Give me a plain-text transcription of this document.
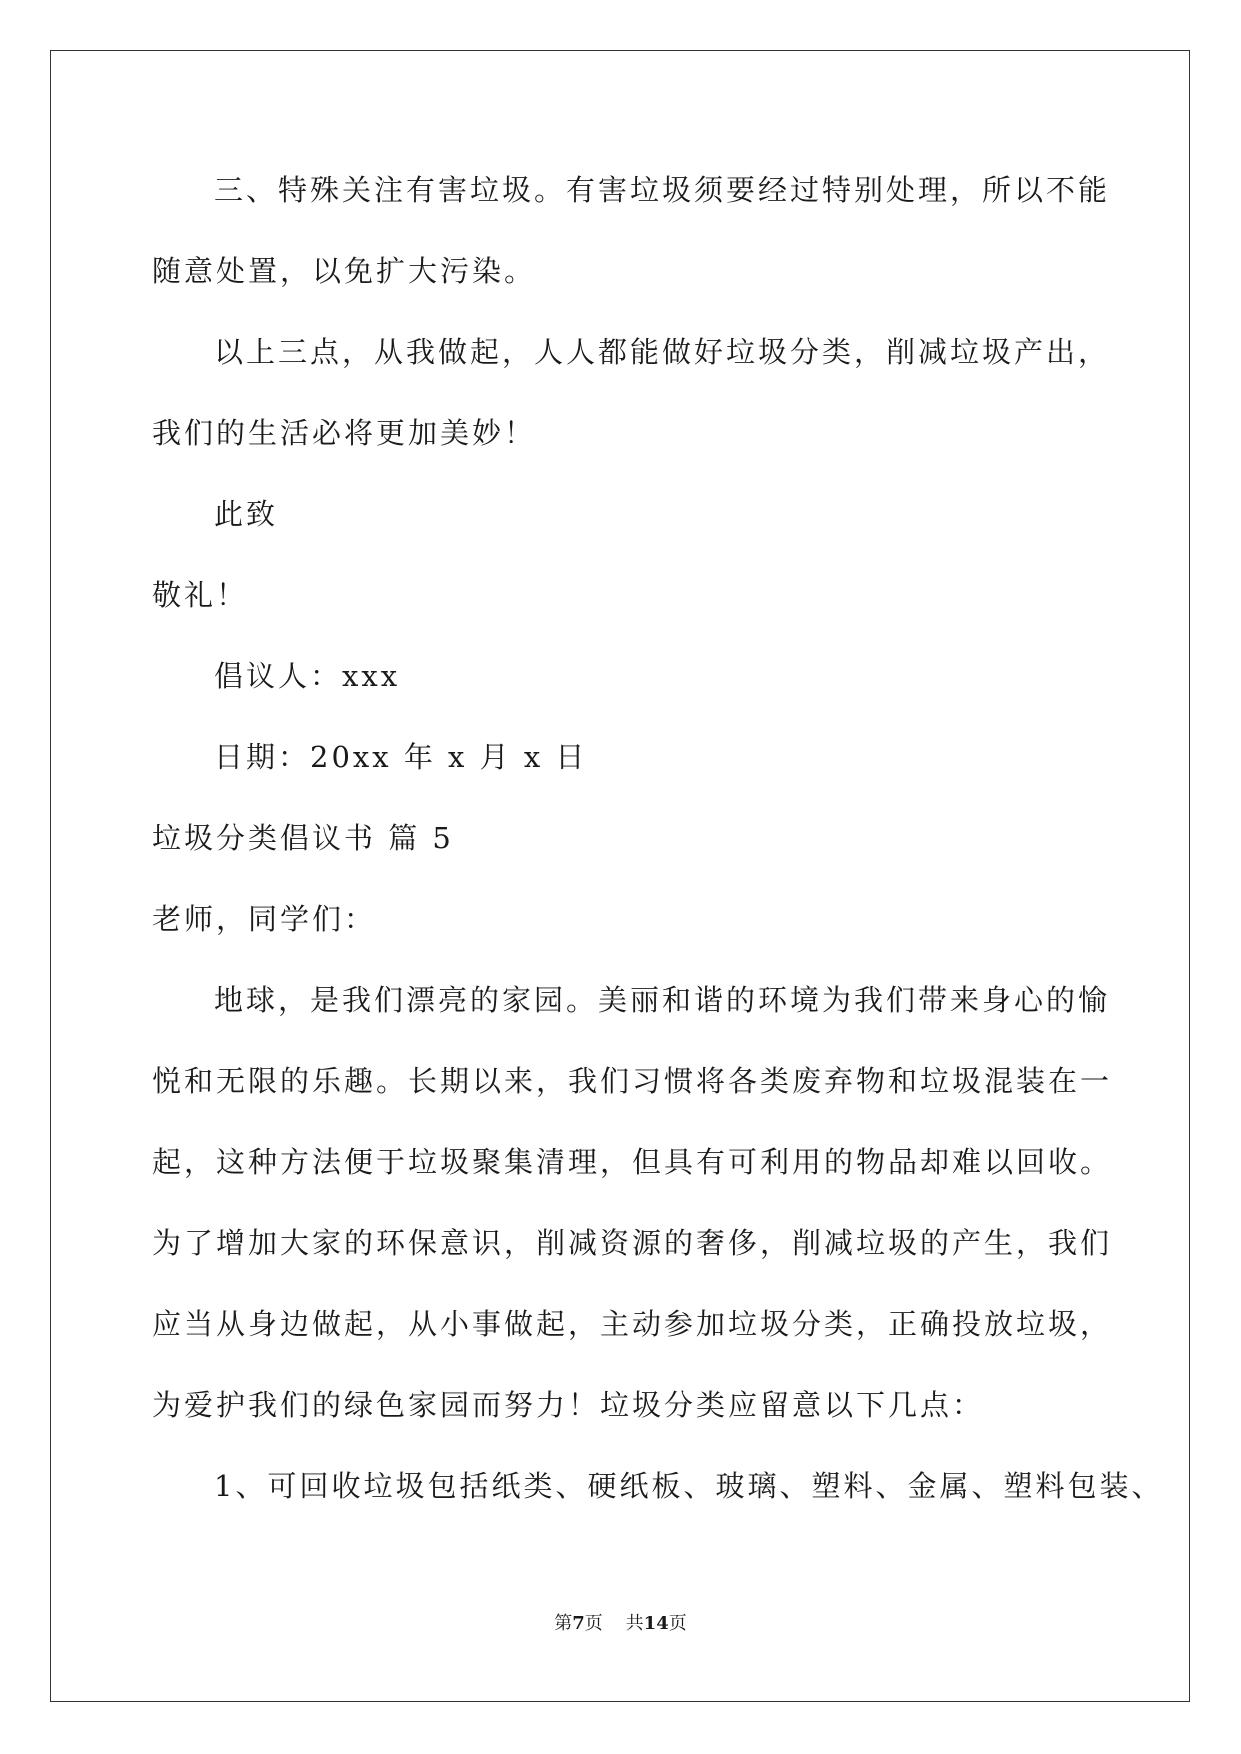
三、特殊关注有害垃圾。有害垃圾须要经过特别处理，所以不能
随意处置，以免扩大污染。
以上三点，从我做起，人人都能做好垃圾分类，削减垃圾产出，
我们的生活必将更加美妙！
此致
敬礼！
倡议人：xxx
日期：20xx 年 x 月 x 日
垃圾分类倡议书 篇 5
老师，同学们：
地球，是我们漂亮的家园。美丽和谐的环境为我们带来身心的愉
悦和无限的乐趣。长期以来，我们习惯将各类废弃物和垃圾混装在一
起，这种方法便于垃圾聚集清理，但具有可利用的物品却难以回收。
为了增加大家的环保意识，削减资源的奢侈，削减垃圾的产生，我们
应当从身边做起，从小事做起，主动参加垃圾分类，正确投放垃圾，
为爱护我们的绿色家园而努力！垃圾分类应留意以下几点：
1、可回收垃圾包括纸类、硬纸板、玻璃、塑料、金属、塑料包装、
第7页 共14页
